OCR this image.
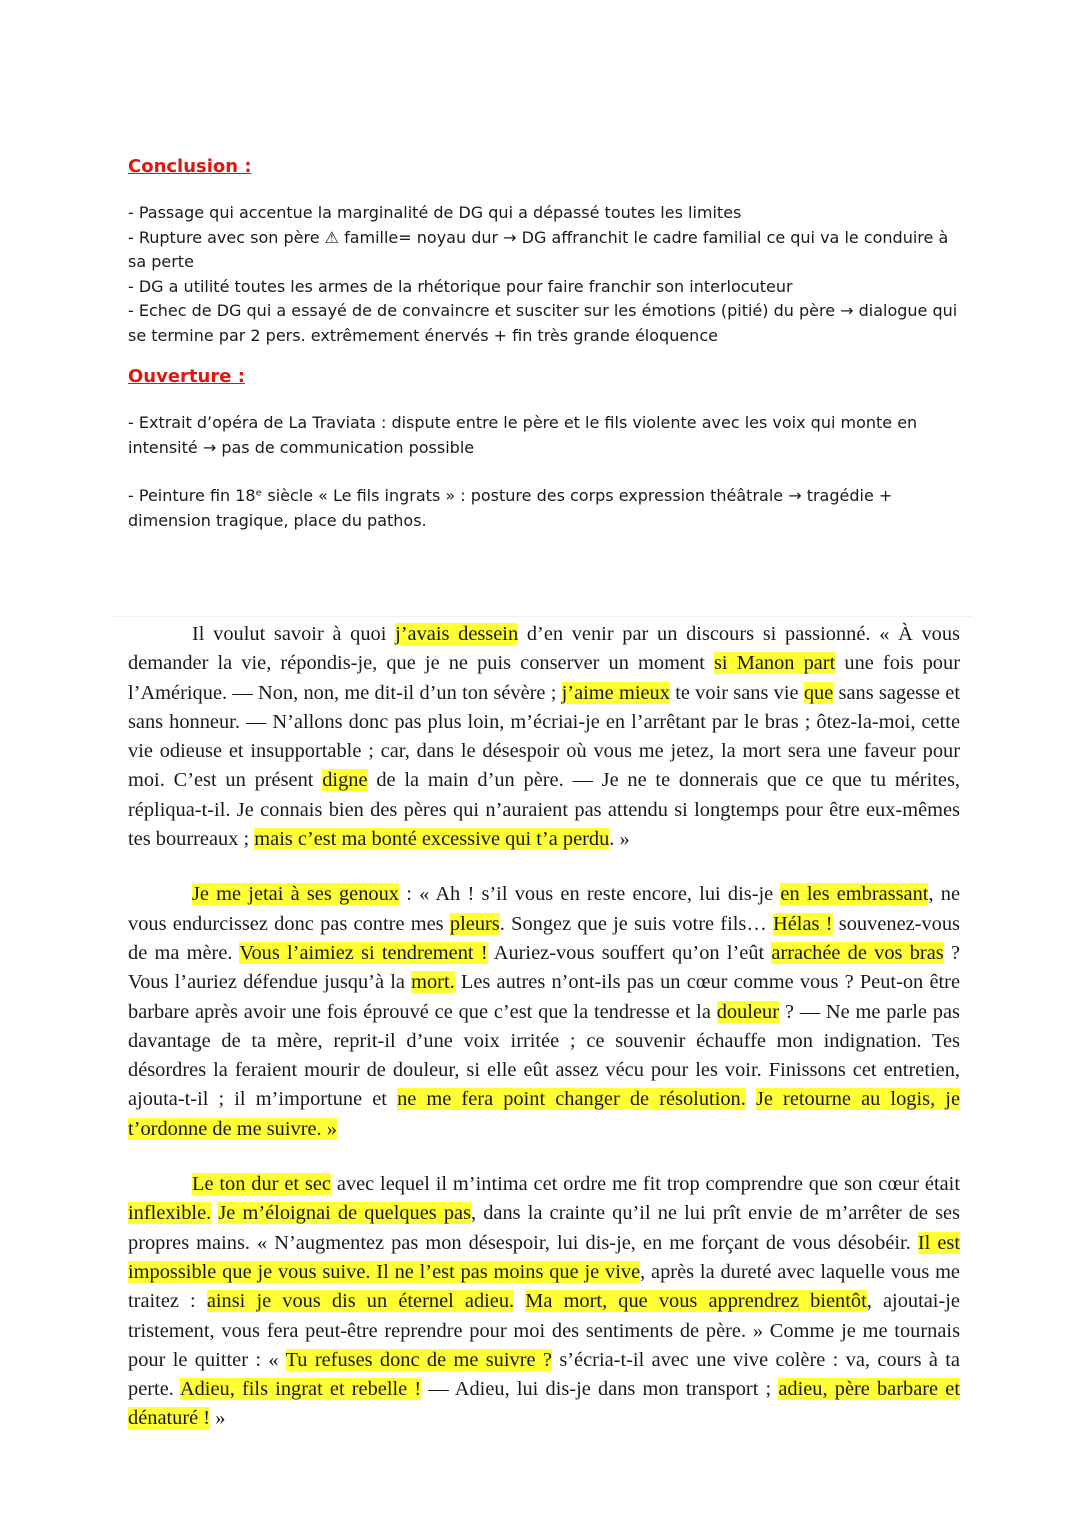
Conclusion :

- Passage qui accentue la marginalité de DG qui a dépassé toutes les limites

- Rupture avec son père ⚠ famille= noyau dur → DG affranchit le cadre familial ce qui va le conduire à sa perte

- DG a utilité toutes les armes de la rhétorique pour faire franchir son interlocuteur

- Echec de DG qui a essayé de de convaincre et susciter sur les émotions (pitié) du père → dialogue qui se termine par 2 pers. extrêmement énervés + fin très grande éloquence

Ouverture :

- Extrait d’opéra de La Traviata : dispute entre le père et le fils violente avec les voix qui monte en intensité → pas de communication possible

- Peinture fin 18ᵉ siècle « Le fils ingrats » : posture des corps expression théâtrale → tragédie + dimension tragique, place du pathos.

Il voulut savoir à quoi j’avais dessein d’en venir par un discours si passionné. « À vous demander la vie, répondis-je, que je ne puis conserver un moment si Manon part une fois pour l’Amérique. — Non, non, me dit-il d’un ton sévère ; j’aime mieux te voir sans vie que sans sagesse et sans honneur. — N’allons donc pas plus loin, m’écriai-je en l’arrêtant par le bras ; ôtez-la-moi, cette vie odieuse et insupportable ; car, dans le désespoir où vous me jetez, la mort sera une faveur pour moi. C’est un présent digne de la main d’un père. — Je ne te donnerais que ce que tu mérites, répliqua-t-il. Je connais bien des pères qui n’auraient pas attendu si longtemps pour être eux-mêmes tes bourreaux ; mais c’est ma bonté excessive qui t’a perdu. »

Je me jetai à ses genoux : « Ah ! s’il vous en reste encore, lui dis-je en les embrassant, ne vous endurcissez donc pas contre mes pleurs. Songez que je suis votre fils… Hélas ! souvenez-vous de ma mère. Vous l’aimiez si tendrement ! Auriez-vous souffert qu’on l’eût arrachée de vos bras ? Vous l’auriez défendue jusqu’à la mort. Les autres n’ont-ils pas un cœur comme vous ? Peut-on être barbare après avoir une fois éprouvé ce que c’est que la tendresse et la douleur ? — Ne me parle pas davantage de ta mère, reprit-il d’une voix irritée ; ce souvenir échauffe mon indignation. Tes désordres la feraient mourir de douleur, si elle eût assez vécu pour les voir. Finissons cet entretien, ajouta-t-il ; il m’importune et ne me fera point changer de résolution. Je retourne au logis, je t’ordonne de me suivre. »

Le ton dur et sec avec lequel il m’intima cet ordre me fit trop comprendre que son cœur était inflexible. Je m’éloignai de quelques pas, dans la crainte qu’il ne lui prît envie de m’arrêter de ses propres mains. « N’augmentez pas mon désespoir, lui dis-je, en me forçant de vous désobéir. Il est impossible que je vous suive. Il ne l’est pas moins que je vive, après la dureté avec laquelle vous me traitez : ainsi je vous dis un éternel adieu. Ma mort, que vous apprendrez bientôt, ajoutai-je tristement, vous fera peut-être reprendre pour moi des sentiments de père. » Comme je me tournais pour le quitter : « Tu refuses donc de me suivre ? s’écria-t-il avec une vive colère : va, cours à ta perte. Adieu, fils ingrat et rebelle ! — Adieu, lui dis-je dans mon transport ; adieu, père barbare et dénaturé ! »
